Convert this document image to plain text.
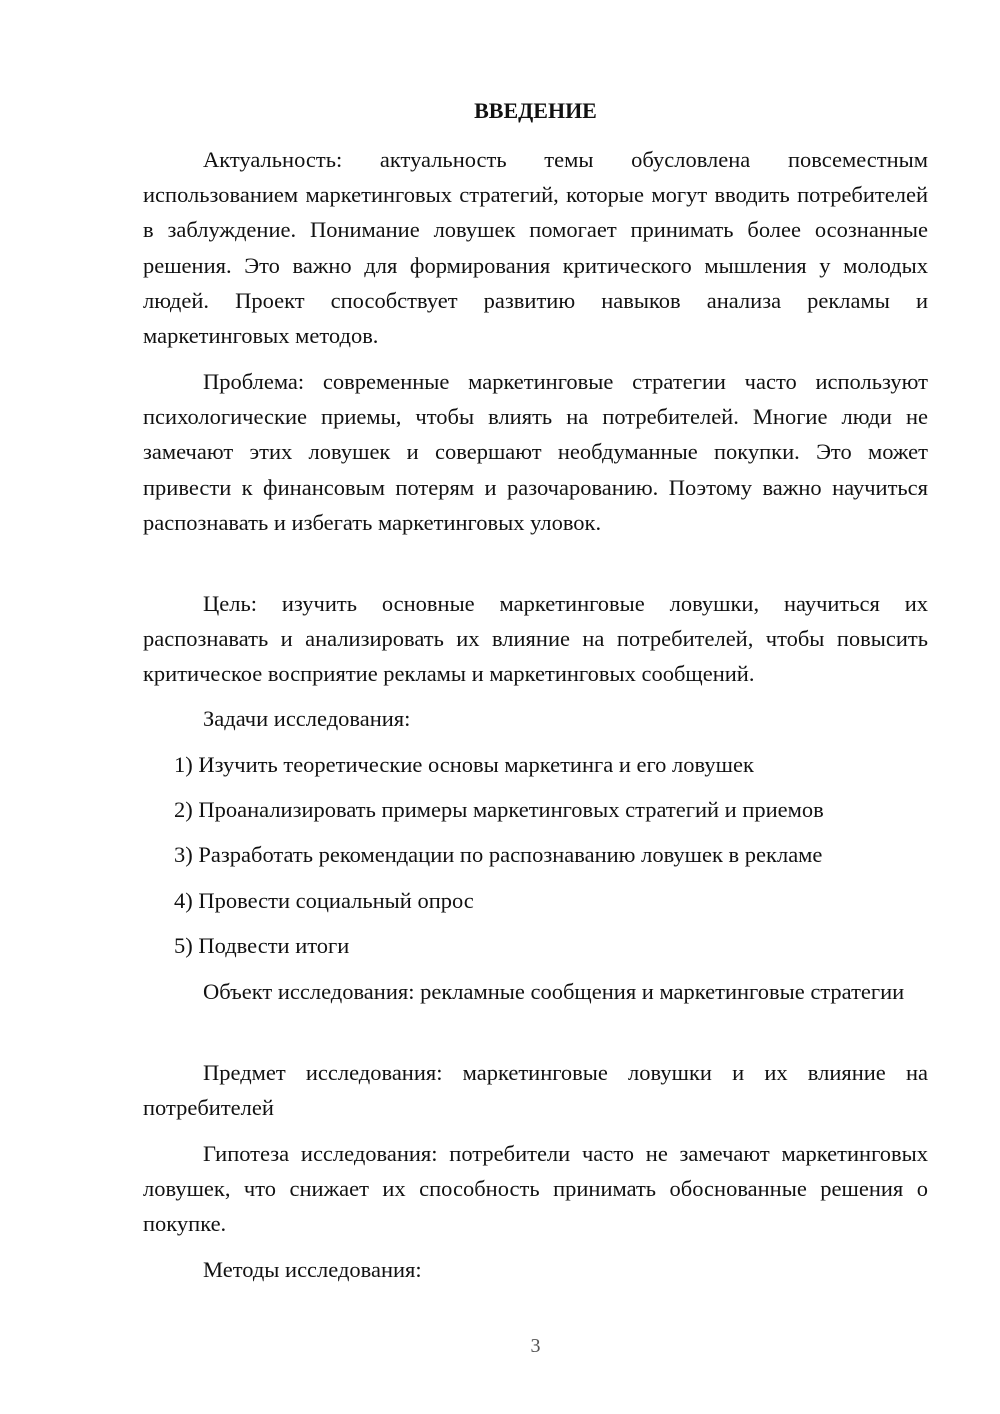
ВВЕДЕНИЕ

Актуальность: актуальность темы обусловлена повсеместным использованием маркетинговых стратегий, которые могут вводить потребителей в заблуждение. Понимание ловушек помогает принимать более осознанные решения. Это важно для формирования критического мышления у молодых людей. Проект способствует развитию навыков анализа рекламы и маркетинговых методов.

Проблема: современные маркетинговые стратегии часто используют психологические приемы, чтобы влиять на потребителей. Многие люди не замечают этих ловушек и совершают необдуманные покупки. Это может привести к финансовым потерям и разочарованию. Поэтому важно научиться распознавать и избегать маркетинговых уловок.

Цель: изучить основные маркетинговые ловушки, научиться их распознавать и анализировать их влияние на потребителей, чтобы повысить критическое восприятие рекламы и маркетинговых сообщений.

Задачи исследования:

1) Изучить теоретические основы маркетинга и его ловушек

2) Проанализировать примеры маркетинговых стратегий и приемов

3) Разработать рекомендации по распознаванию ловушек в рекламе

4) Провести социальный опрос

5) Подвести итоги

Объект исследования: рекламные сообщения и маркетинговые стратегии

Предмет исследования: маркетинговые ловушки и их влияние на потребителей

Гипотеза исследования: потребители часто не замечают маркетинговых ловушек, что снижает их способность принимать обоснованные решения о покупке.

Методы исследования:

3
